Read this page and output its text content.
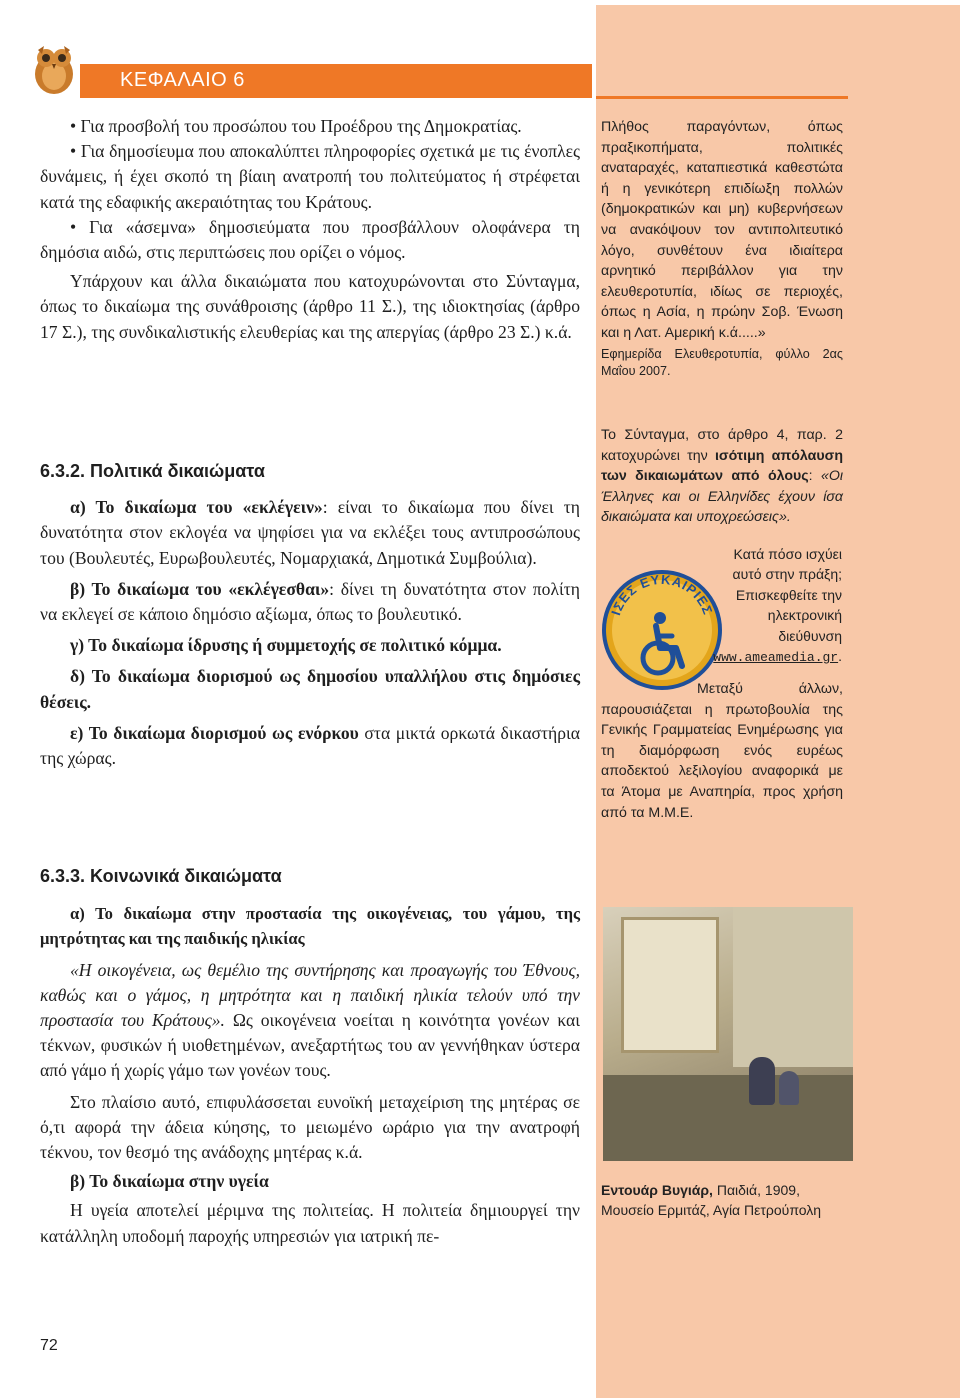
ΚΕΦΑΛΑΙΟ 6

• Για προσβολή του προσώπου του Προέδρου της Δημοκρατίας.

• Για δημοσίευμα που αποκαλύπτει πληροφορίες σχετικά με τις ένοπλες δυνάμεις, ή έχει σκοπό τη βίαιη ανατροπή του πολιτεύματος ή στρέφεται κατά της εδαφικής ακεραιότητας του Κράτους.

• Για «άσεμνα» δημοσιεύματα που προσβάλλουν ολοφάνερα τη δημόσια αιδώ, στις περιπτώσεις που ορίζει ο νόμος.

Υπάρχουν και άλλα δικαιώματα που κατοχυρώνονται στο Σύνταγμα, όπως το δικαίωμα της συνάθροισης (άρθρο 11 Σ.), της ιδιοκτησίας (άρθρο 17 Σ.), της συνδικαλιστικής ελευθερίας και της απεργίας (άρθρο 23 Σ.) κ.ά.

6.3.2. Πολιτικά δικαιώματα

α) Το δικαίωμα του «εκλέγειν»: είναι το δικαίωμα που δίνει τη δυνατότητα στον εκλογέα να ψηφίσει για να εκλέξει τους αντιπροσώπους του (Βουλευτές, Ευρωβουλευτές, Νομαρχιακά, Δημοτικά Συμβούλια).

β) Το δικαίωμα του «εκλέγεσθαι»: δίνει τη δυνατότητα στον πολίτη να εκλεγεί σε κάποιο δημόσιο αξίωμα, όπως το βουλευτικό.

γ) Το δικαίωμα ίδρυσης ή συμμετοχής σε πολιτικό κόμμα.

δ) Το δικαίωμα διορισμού ως δημοσίου υπαλλήλου στις δημόσιες θέσεις.

ε) Το δικαίωμα διορισμού ως ενόρκου στα μικτά ορκωτά δικαστήρια της χώρας.

6.3.3. Κοινωνικά δικαιώματα

α) Το δικαίωμα στην προστασία της οικογένειας, του γάμου, της μητρότητας και της παιδικής ηλικίας

«Η οικογένεια, ως θεμέλιο της συντήρησης και προαγωγής του Έθνους, καθώς και ο γάμος, η μητρότητα και η παιδική ηλικία τελούν υπό την προστασία του Κράτους». Ως οικογένεια νοείται η κοινότητα γονέων και τέκνων, φυσικών ή υιοθετημένων, ανεξαρτήτως του αν γεννήθηκαν ύστερα από γάμο ή χωρίς γάμο των γονέων τους.

Στο πλαίσιο αυτό, επιφυλάσσεται ευνοϊκή μεταχείριση της μητέρας σε ό,τι αφορά την άδεια κύησης, το μειωμένο ωράριο για την ανατροφή τέκνου, τον θεσμό της ανάδοχης μητέρας κ.ά.

β) Το δικαίωμα στην υγεία

Η υγεία αποτελεί μέριμνα της πολιτείας. Η πολιτεία δημιουργεί την κατάλληλη υποδομή παροχής υπηρεσιών για ιατρική πε-

Πλήθος παραγόντων, όπως πραξικοπήματα, πολιτικές αναταραχές, καταπιεστικά καθεστώτα ή η γενικότερη επιδίωξη πολλών (δημοκρατικών και μη) κυβερνήσεων να ανακόψουν τον αντιπολιτευτικό λόγο, συνθέτουν ένα ιδιαίτερα αρνητικό περιβάλλον για την ελευθεροτυπία, ιδίως σε περιοχές, όπως η Ασία, η πρώην Σοβ. Ένωση και η Λατ. Αμερική κ.ά.....»

Εφημερίδα Ελευθεροτυπία, φύλλο 2ας Μαΐου 2007.

Το Σύνταγμα, στο άρθρο 4, παρ. 2 κατοχυρώνει την ισότιμη απόλαυση των δικαιωμάτων από όλους: «Οι Έλληνες και οι Ελληνίδες έχουν ίσα δικαιώματα και υποχρεώσεις».

ΙΣΕΣ ΕΥΚΑΙΡΙΕΣ

Κατά πόσο ισχύει αυτό στην πράξη;

Επισκεφθείτε την ηλεκτρονική διεύθυνση

www.ameamedia.gr.

Μεταξύ άλλων, παρουσιάζεται η πρωτοβουλία της Γενικής Γραμματείας Ενημέρωσης για τη διαμόρφωση ενός ευρέως αποδεκτού λεξιλογίου αναφορικά με τα Άτομα με Αναπηρία, προς χρήση από τα Μ.Μ.Ε.

Εντουάρ Βυγιάρ, Παιδιά, 1909, Μουσείο Ερμιτάζ, Αγία Πετρούπολη
72
